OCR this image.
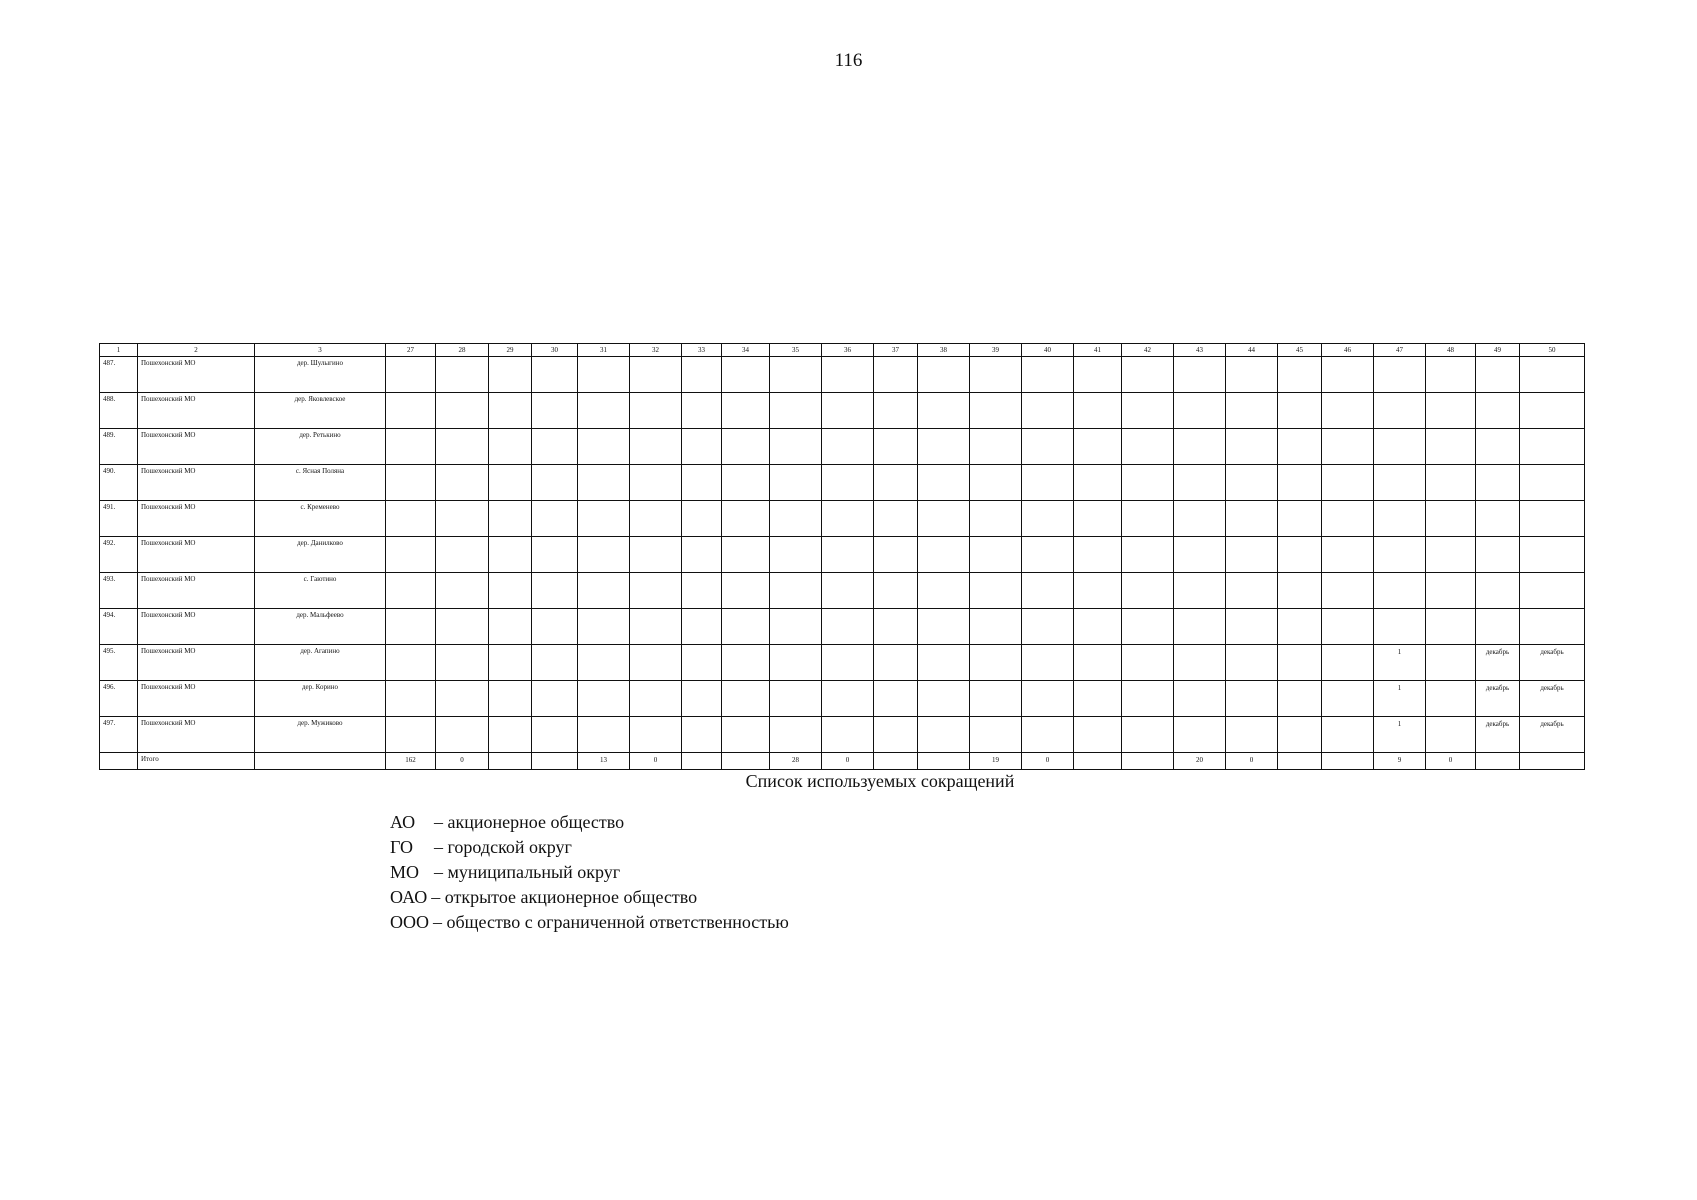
116
1	2	3	27	28	29	30	31	32	33	34	35	36	37	38	39	40	41	42	43	44	45	46	47	48	49	50
487.	Пошехонский МО	дер. Шулыгино																								
488.	Пошехонский МО	дер. Яковлевское																								
489.	Пошехонский МО	дер. Ретькино																								
490.	Пошехонский МО	с. Ясная Поляна																								
491.	Пошехонский МО	с. Кременево																								
492.	Пошехонский МО	дер. Данилково																								
493.	Пошехонский МО	с. Гаютино																								
494.	Пошехонский МО	дер. Мальфеево																								
495.	Пошехонский МО	дер. Агапино																					1		декабрь	декабрь
496.	Пошехонский МО	дер. Корино																					1		декабрь	декабрь
497.	Пошехонский МО	дер. Мужиково																					1		декабрь	декабрь
	Итого		162	0			13	0			28	0			19	0			20	0			9	0		
Список используемых сокращений
АО	– акционерное общество
ГО	– городской округ
МО – муниципальный округ
ОАО – открытое акционерное общество
ООО – общество с ограниченной ответственностью
